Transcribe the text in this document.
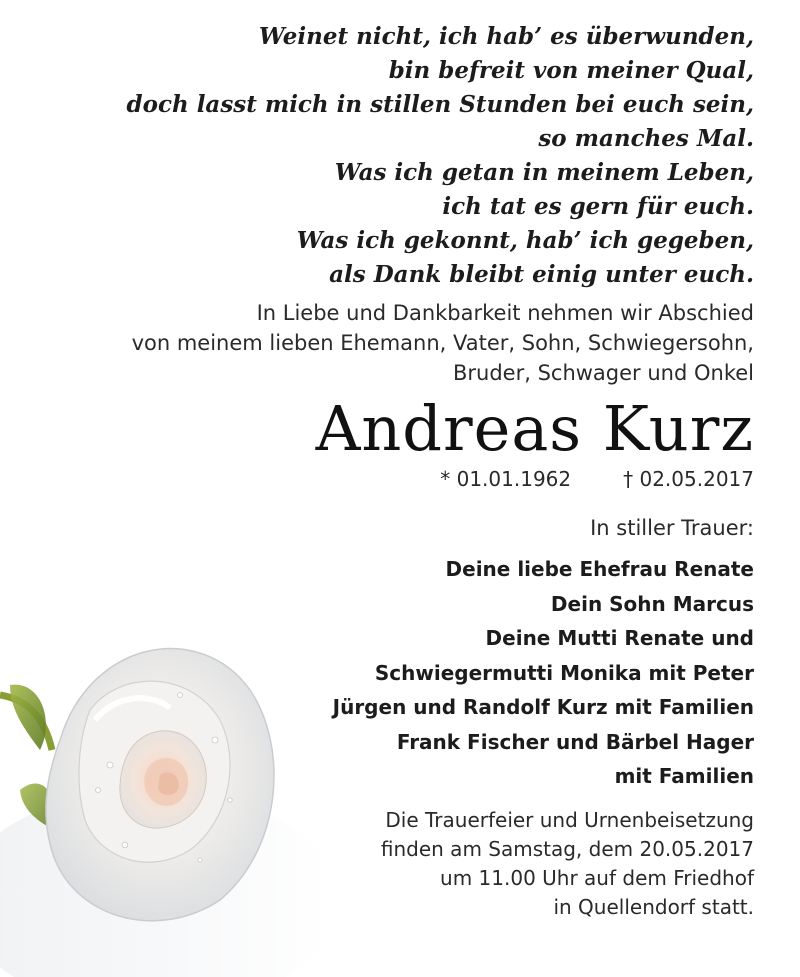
Weinet nicht, ich hab’ es überwunden,
bin befreit von meiner Qual,
doch lasst mich in stillen Stunden bei euch sein,
so manches Mal.
Was ich getan in meinem Leben,
ich tat es gern für euch.
Was ich gekonnt, hab’ ich gegeben,
als Dank bleibt einig unter euch.
In Liebe und Dankbarkeit nehmen wir Abschied
von meinem lieben Ehemann, Vater, Sohn, Schwiegersohn,
Bruder, Schwager und Onkel
Andreas Kurz
* 01.01.1962	† 02.05.2017
In stiller Trauer:
Deine liebe Ehefrau Renate
Dein Sohn Marcus
Deine Mutti Renate und
Schwiegermutti Monika mit Peter
Jürgen und Randolf Kurz mit Familien
Frank Fischer und Bärbel Hager
mit Familien
Die Trauerfeier und Urnenbeisetzung
finden am Samstag, dem 20.05.2017
um 11.00 Uhr auf dem Friedhof
in Quellendorf statt.
